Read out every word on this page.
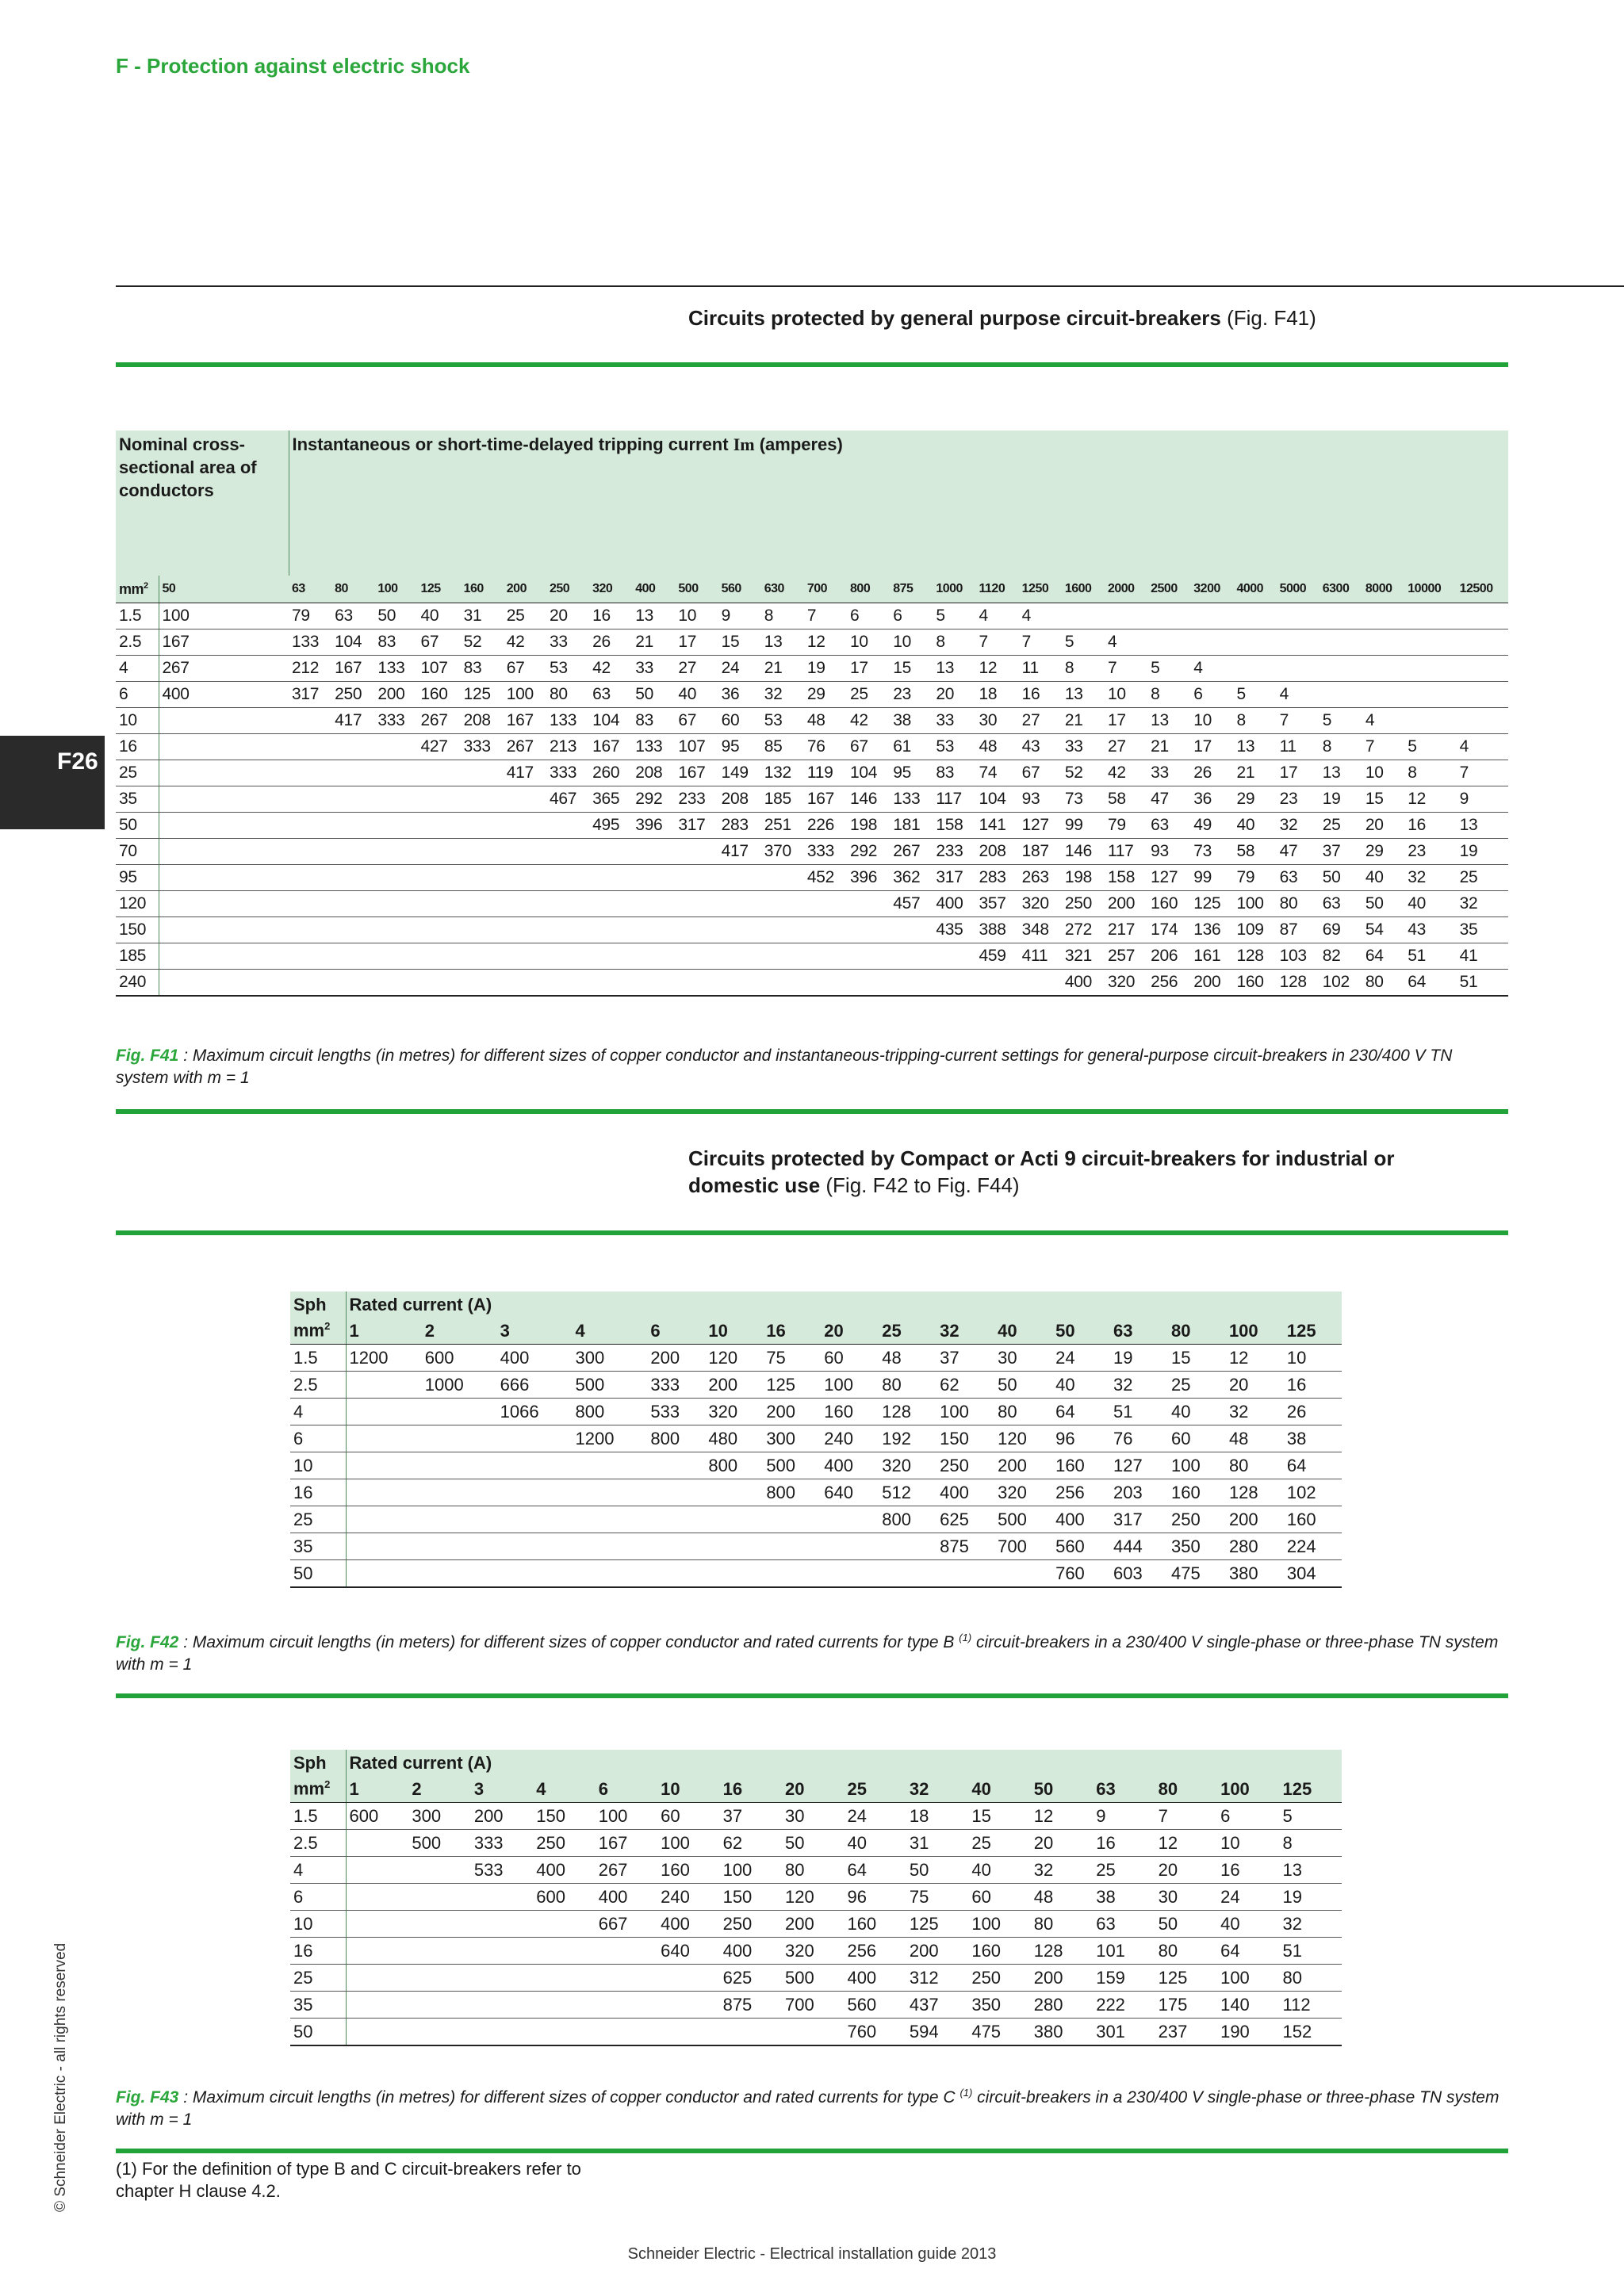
F - Protection against electric shock
Circuits protected by general purpose circuit-breakers (Fig. F41)
Nominal cross-sectional area of conductors		Instantaneous or short-time-delayed tripping current Im (amperes)																											
$mm^2$	50	63	80	100	125	160	200	250	320	400	500	560	630	700	800	875	1000	1120	1250	1600	2000	2500	3200	4000	5000	6300	8000	10000	12500
1.5	100	79	63	50	40	31	25	20	16	13	10	9	8	7	6	6	5	4	4										
2.5	167	133	104	83	67	52	42	33	26	21	17	15	13	12	10	10	8	7	7	5	4								
4	267	212	167	133	107	83	67	53	42	33	27	24	21	19	17	15	13	12	11	8	7	5	4						
6	400	317	250	200	160	125	100	80	63	50	40	36	32	29	25	23	20	18	16	13	10	8	6	5	4				
10			417	333	267	208	167	133	104	83	67	60	53	48	42	38	33	30	27	21	17	13	10	8	7	5	4		
16					427	333	267	213	167	133	107	95	85	76	67	61	53	48	43	33	27	21	17	13	11	8	7	5	4
25							417	333	260	208	167	149	132	119	104	95	83	74	67	52	42	33	26	21	17	13	10	8	7
35								467	365	292	233	208	185	167	146	133	117	104	93	73	58	47	36	29	23	19	15	12	9
50									495	396	317	283	251	226	198	181	158	141	127	99	79	63	49	40	32	25	20	16	13
70												417	370	333	292	267	233	208	187	146	117	93	73	58	47	37	29	23	19
95														452	396	362	317	283	263	198	158	127	99	79	63	50	40	32	25
120																457	400	357	320	250	200	160	125	100	80	63	50	40	32
150																	435	388	348	272	217	174	136	109	87	69	54	43	35
185																		459	411	321	257	206	161	128	103	82	64	51	41
240																				400	320	256	200	160	128	102	80	64	51
Fig. F41 : Maximum circuit lengths (in metres) for different sizes of copper conductor and instantaneous-tripping-current settings for general-purpose circuit-breakers in 230/400 V TN system with m = 1
Circuits protected by Compact or Acti 9 circuit-breakers for industrial or
domestic use (Fig. F42 to Fig. F44)
Sph	Rated current (A)															
$mm^2$	1	2	3	4	6	10	16	20	25	32	40	50	63	80	100	125
1.5	1200	600	400	300	200	120	75	60	48	37	30	24	19	15	12	10
2.5		1000	666	500	333	200	125	100	80	62	50	40	32	25	20	16
4			1066	800	533	320	200	160	128	100	80	64	51	40	32	26
6				1200	800	480	300	240	192	150	120	96	76	60	48	38
10						800	500	400	320	250	200	160	127	100	80	64
16							800	640	512	400	320	256	203	160	128	102
25									800	625	500	400	317	250	200	160
35										875	700	560	444	350	280	224
50												760	603	475	380	304
Fig. F42 : Maximum circuit lengths (in meters) for different sizes of copper conductor and rated currents for type B $^{(1)}$ circuit-breakers in a 230/400 V single-phase or three-phase TN system with m = 1
Sph	Rated current (A)															
$mm^2$	1	2	3	4	6	10	16	20	25	32	40	50	63	80	100	125
1.5	600	300	200	150	100	60	37	30	24	18	15	12	9	7	6	5
2.5		500	333	250	167	100	62	50	40	31	25	20	16	12	10	8
4			533	400	267	160	100	80	64	50	40	32	25	20	16	13
6				600	400	240	150	120	96	75	60	48	38	30	24	19
10					667	400	250	200	160	125	100	80	63	50	40	32
16						640	400	320	256	200	160	128	101	80	64	51
25							625	500	400	312	250	200	159	125	100	80
35							875	700	560	437	350	280	222	175	140	112
50									760	594	475	380	301	237	190	152
Fig. F43 : Maximum circuit lengths (in metres) for different sizes of copper conductor and rated currents for type C $^{(1)}$ circuit-breakers in a 230/400 V single-phase or three-phase TN system with m = 1
(1) For the definition of type B and C circuit-breakers refer to
chapter H clause 4.2.
F26
© Schneider Electric - all rights reserved
Schneider Electric - Electrical installation guide 2013
